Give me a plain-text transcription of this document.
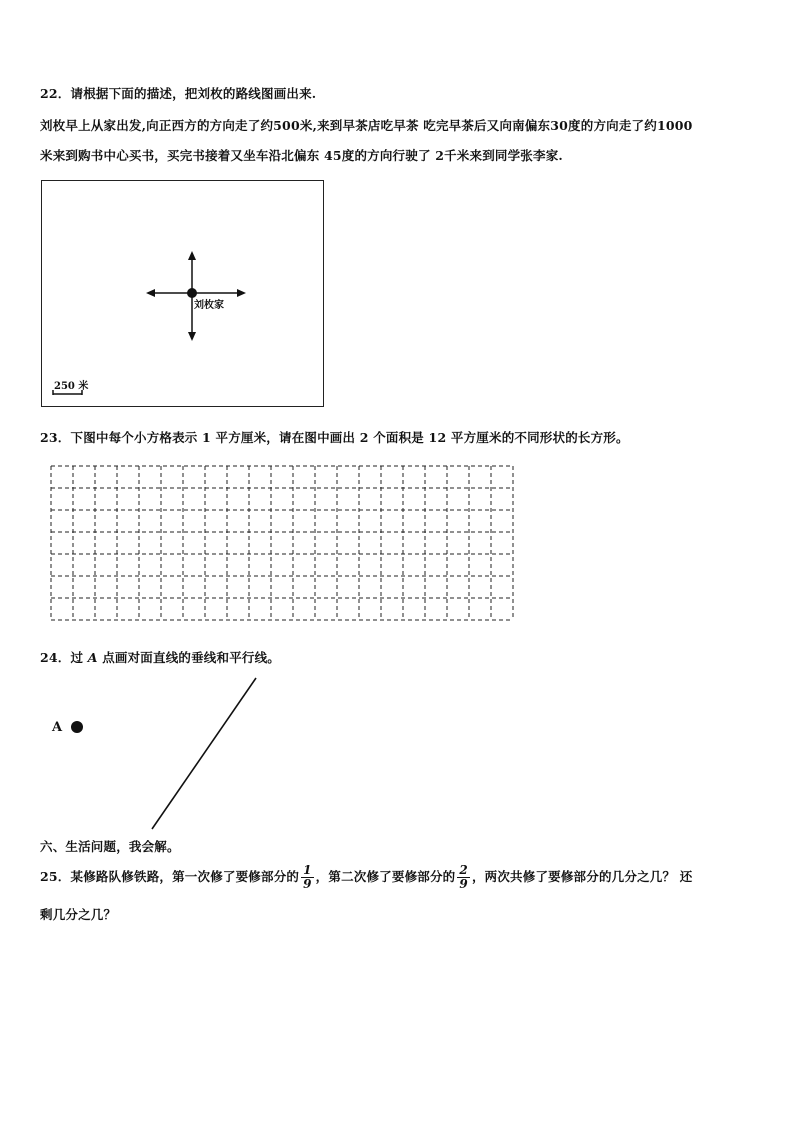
22．请根据下面的描述，把刘枚的路线图画出来.
刘枚早上从家出发,向正西方的方向走了约500米,来到早茶店吃早茶 吃完早茶后又向南偏东30度的方向走了约1000
米来到购书中心买书，买完书接着又坐车沿北偏东 45度的方向行驶了 2千米来到同学张李家.
刘枚家
250 米
23．下图中每个小方格表示 1 平方厘米，请在图中画出 2 个面积是 12 平方厘米的不同形状的长方形。
24．过 A 点画对面直线的垂线和平行线。
A
六、生活问题，我会解。
25．某修路队修铁路，第一次修了要修部分的 $\frac{1}{9}$ ，第二次修了要修部分的 $\frac{2}{9}$ ，两次共修了要修部分的几分之几？ 还
剩几分之几？
